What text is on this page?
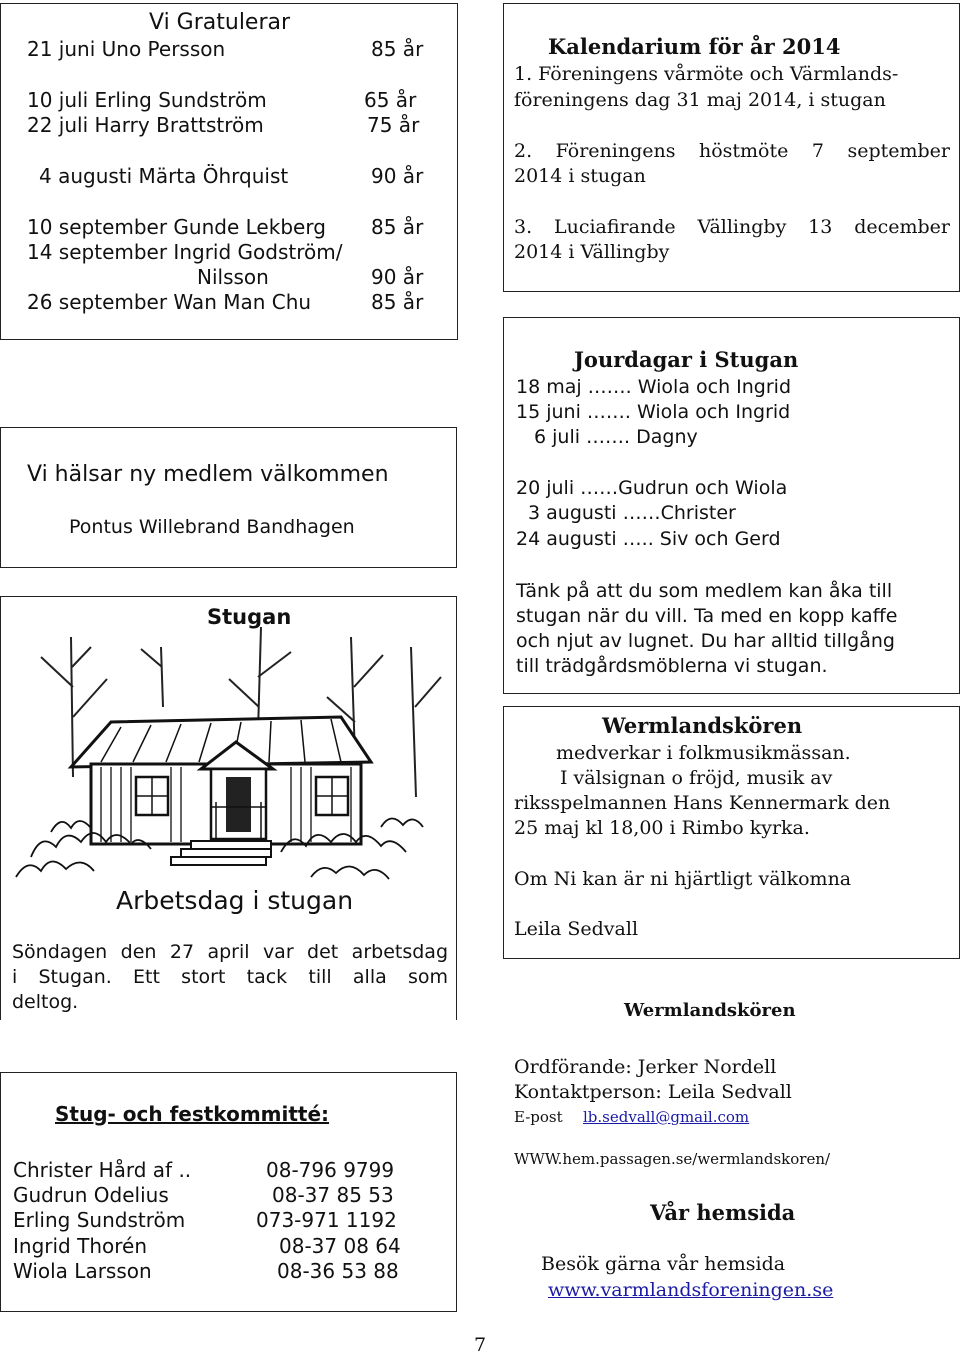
Vi Gratulerar
21 juni Uno Persson	85 år
10 juli Erling Sundström	65 år
22 juli Harry Brattström	75 år
4 augusti Märta Öhrquist	90 år
10 september Gunde Lekberg 85 år
14 september Ingrid Godström/
Nilsson	90 år
26 september Wan Man Chu	85 år
Kalendarium för år 2014
1. Föreningens vårmöte och Värmlands-
föreningens dag 31 maj 2014, i stugan
2. Föreningens höstmöte 7 september
2014 i stugan
3. Luciafirande Vällingby 13 december
2014 i Vällingby
Jourdagar i Stugan
18 maj ……. Wiola och Ingrid
15 juni ……. Wiola och Ingrid
6 juli ……. Dagny
20 juli ……Gudrun och Wiola
3 augusti ……Christer
24 augusti ….. Siv och Gerd
Tänk på att du som medlem kan åka till
stugan när du vill. Ta med en kopp kaffe
och njut av lugnet. Du har alltid tillgång
till trädgårdsmöblerna vi stugan.
Vi hälsar ny medlem välkommen
Pontus Willebrand Bandhagen
Stugan
Arbetsdag i stugan
Söndagen den 27 april var det arbetsdag
i Stugan. Ett stort tack till alla som
deltog.
Wermlandskören
medverkar i folkmusikmässan.
I välsignan o fröjd, musik av
riksspelmannen Hans Kennermark den
25 maj kl 18,00 i Rimbo kyrka.
Om Ni kan är ni hjärtligt välkomna
Leila Sedvall
Wermlandskören
Ordförande: Jerker Nordell
Kontaktperson: Leila Sedvall
E-post lb.sedvall@gmail.com
WWW.hem.passagen.se/wermlandskoren/
Vår hemsida
Besök gärna vår hemsida
www.varmlandsforeningen.se
Stug- och festkommitté:
Christer Hård af ..	08-796 9799
Gudrun Odelius	08-37 85 53
Erling Sundström	073-971 1192
Ingrid Thorén	08-37 08 64
Wiola Larsson	08-36 53 88
7
